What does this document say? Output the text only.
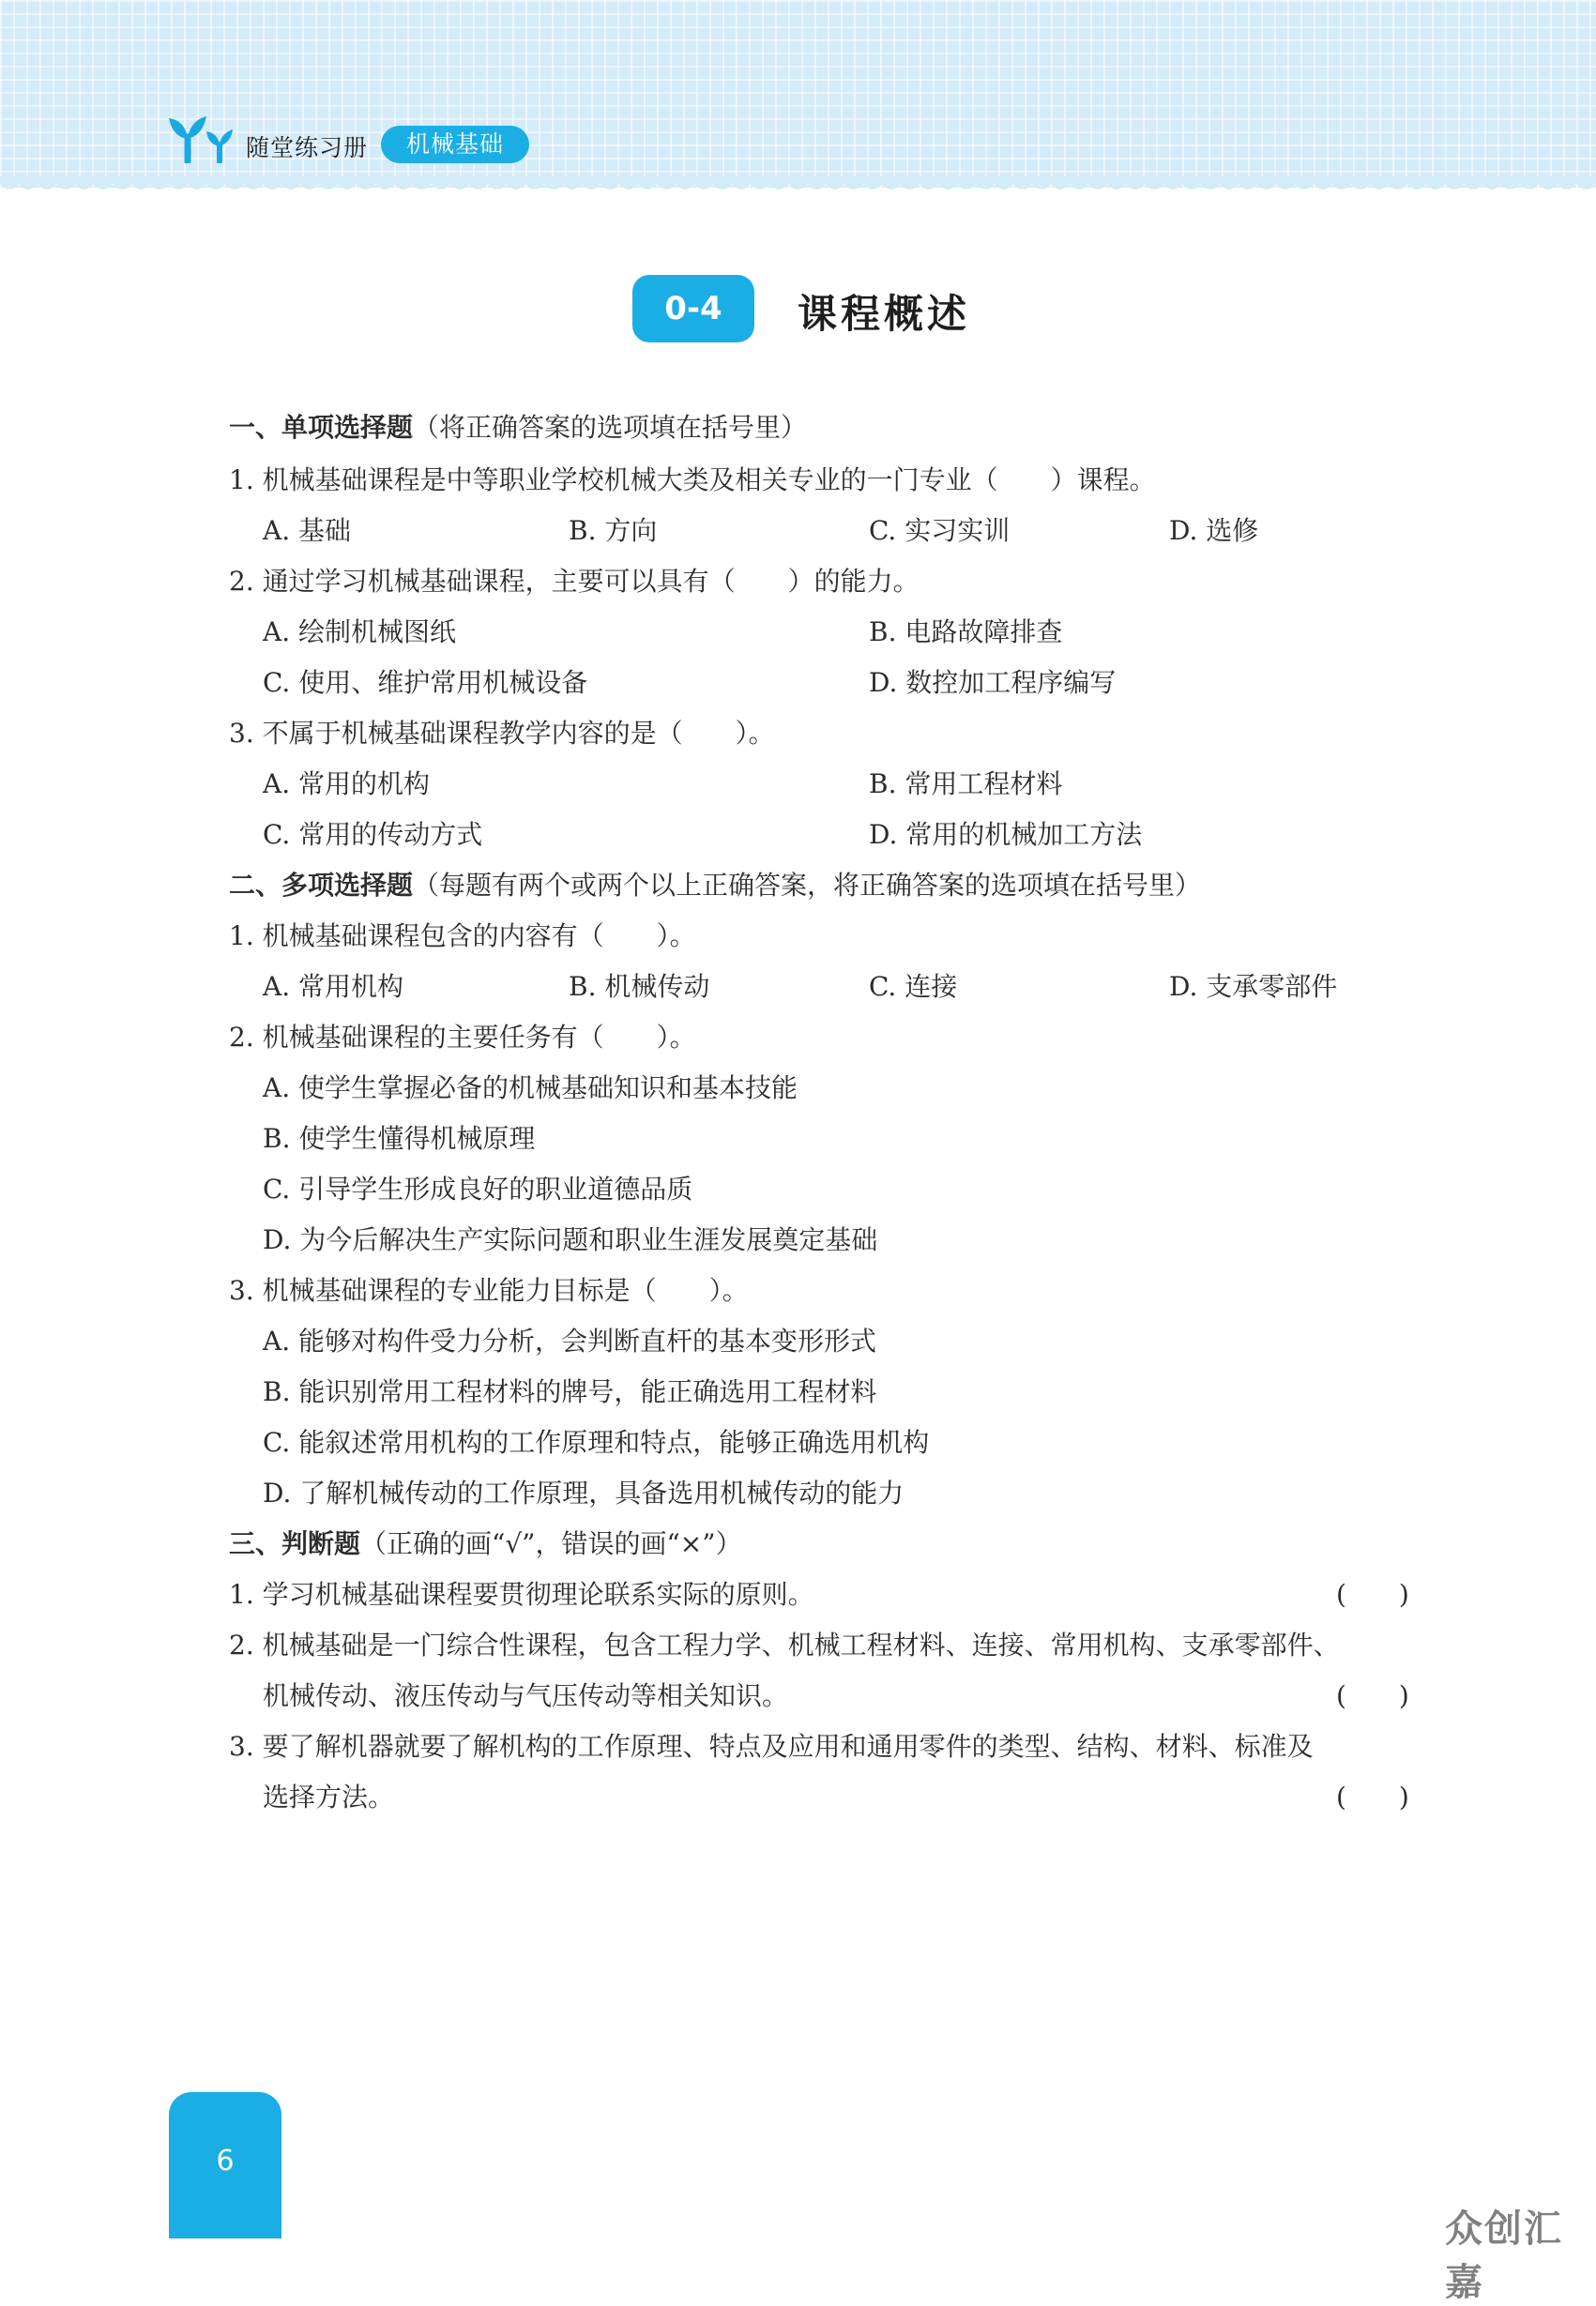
随堂练习册	机械基础
0-4	课程概述
一、单项选择题（将正确答案的选项填在括号里）
1. 机械基础课程是中等职业学校机械大类及相关专业的一门专业（　　）课程。
A. 基础	B. 方向	C. 实习实训	D. 选修
2. 通过学习机械基础课程，主要可以具有（　　）的能力。
A. 绘制机械图纸	B. 电路故障排查
C. 使用、维护常用机械设备	D. 数控加工程序编写
3. 不属于机械基础课程教学内容的是（　　）。
A. 常用的机构	B. 常用工程材料
C. 常用的传动方式	D. 常用的机械加工方法
二、多项选择题（每题有两个或两个以上正确答案，将正确答案的选项填在括号里）
1. 机械基础课程包含的内容有（　　）。
A. 常用机构	B. 机械传动	C. 连接	D. 支承零部件
2. 机械基础课程的主要任务有（　　）。
A. 使学生掌握必备的机械基础知识和基本技能
B. 使学生懂得机械原理
C. 引导学生形成良好的职业道德品质
D. 为今后解决生产实际问题和职业生涯发展奠定基础
3. 机械基础课程的专业能力目标是（　　）。
A. 能够对构件受力分析，会判断直杆的基本变形形式
B. 能识别常用工程材料的牌号，能正确选用工程材料
C. 能叙述常用机构的工作原理和特点，能够正确选用机构
D. 了解机械传动的工作原理，具备选用机械传动的能力
三、判断题（正确的画“√”，错误的画“×”）
1. 学习机械基础课程要贯彻理论联系实际的原则。	(　　)
2. 机械基础是一门综合性课程，包含工程力学、机械工程材料、连接、常用机构、支承零部件、
机械传动、液压传动与气压传动等相关知识。	(　　)
3. 要了解机器就要了解机构的工作原理、特点及应用和通用零件的类型、结构、材料、标准及
选择方法。	(　　)
6
众创汇嘉
